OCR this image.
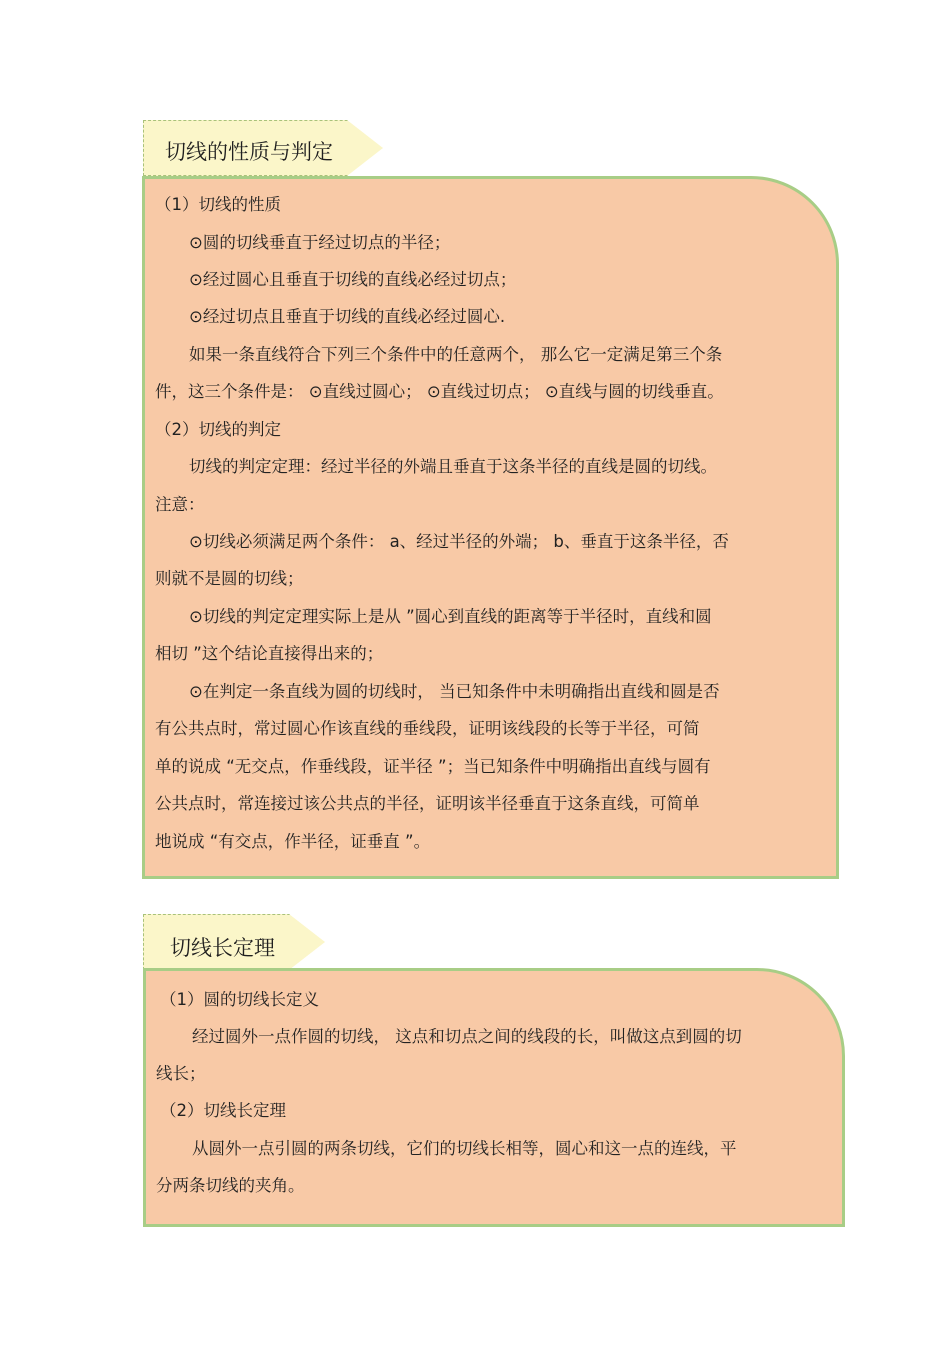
切线的性质与判定
（1）切线的性质
⊙圆的切线垂直于经过切点的半径；
⊙经过圆心且垂直于切线的直线必经过切点；
⊙经过切点且垂直于切线的直线必经过圆心.
如果一条直线符合下列三个条件中的任意两个， 那么它一定满足第三个条
件，这三个条件是： ⊙直线过圆心； ⊙直线过切点； ⊙直线与圆的切线垂直。
（2）切线的判定
切线的判定定理：经过半径的外端且垂直于这条半径的直线是圆的切线。
注意：
⊙切线必须满足两个条件： a、经过半径的外端； b、垂直于这条半径，否
则就不是圆的切线；
⊙切线的判定定理实际上是从 ”圆心到直线的距离等于半径时，直线和圆
相切 ”这个结论直接得出来的；
⊙在判定一条直线为圆的切线时， 当已知条件中未明确指出直线和圆是否
有公共点时，常过圆心作该直线的垂线段，证明该线段的长等于半径，可简
单的说成 “无交点，作垂线段，证半径 ”；当已知条件中明确指出直线与圆有
公共点时，常连接过该公共点的半径，证明该半径垂直于这条直线，可简单
地说成 “有交点，作半径，证垂直 ”。
切线长定理
（1）圆的切线长定义
经过圆外一点作圆的切线， 这点和切点之间的线段的长，叫做这点到圆的切
线长；
（2）切线长定理
从圆外一点引圆的两条切线，它们的切线长相等，圆心和这一点的连线，平
分两条切线的夹角。
